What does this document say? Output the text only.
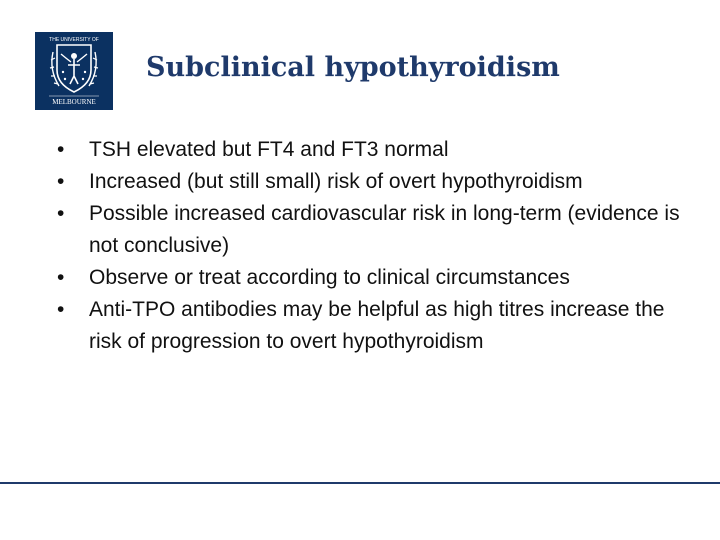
THE UNIVERSITY OF
MELBOURNE
Subclinical hypothyroidism
•	TSH elevated but FT4 and FT3 normal
•	Increased (but still small) risk of overt hypothyroidism
•	Possible increased cardiovascular risk in long-term (evidence is not conclusive)
•	Observe or treat according to clinical circumstances
•	Anti-TPO antibodies may be helpful as high titres increase the risk of progression to overt hypothyroidism
